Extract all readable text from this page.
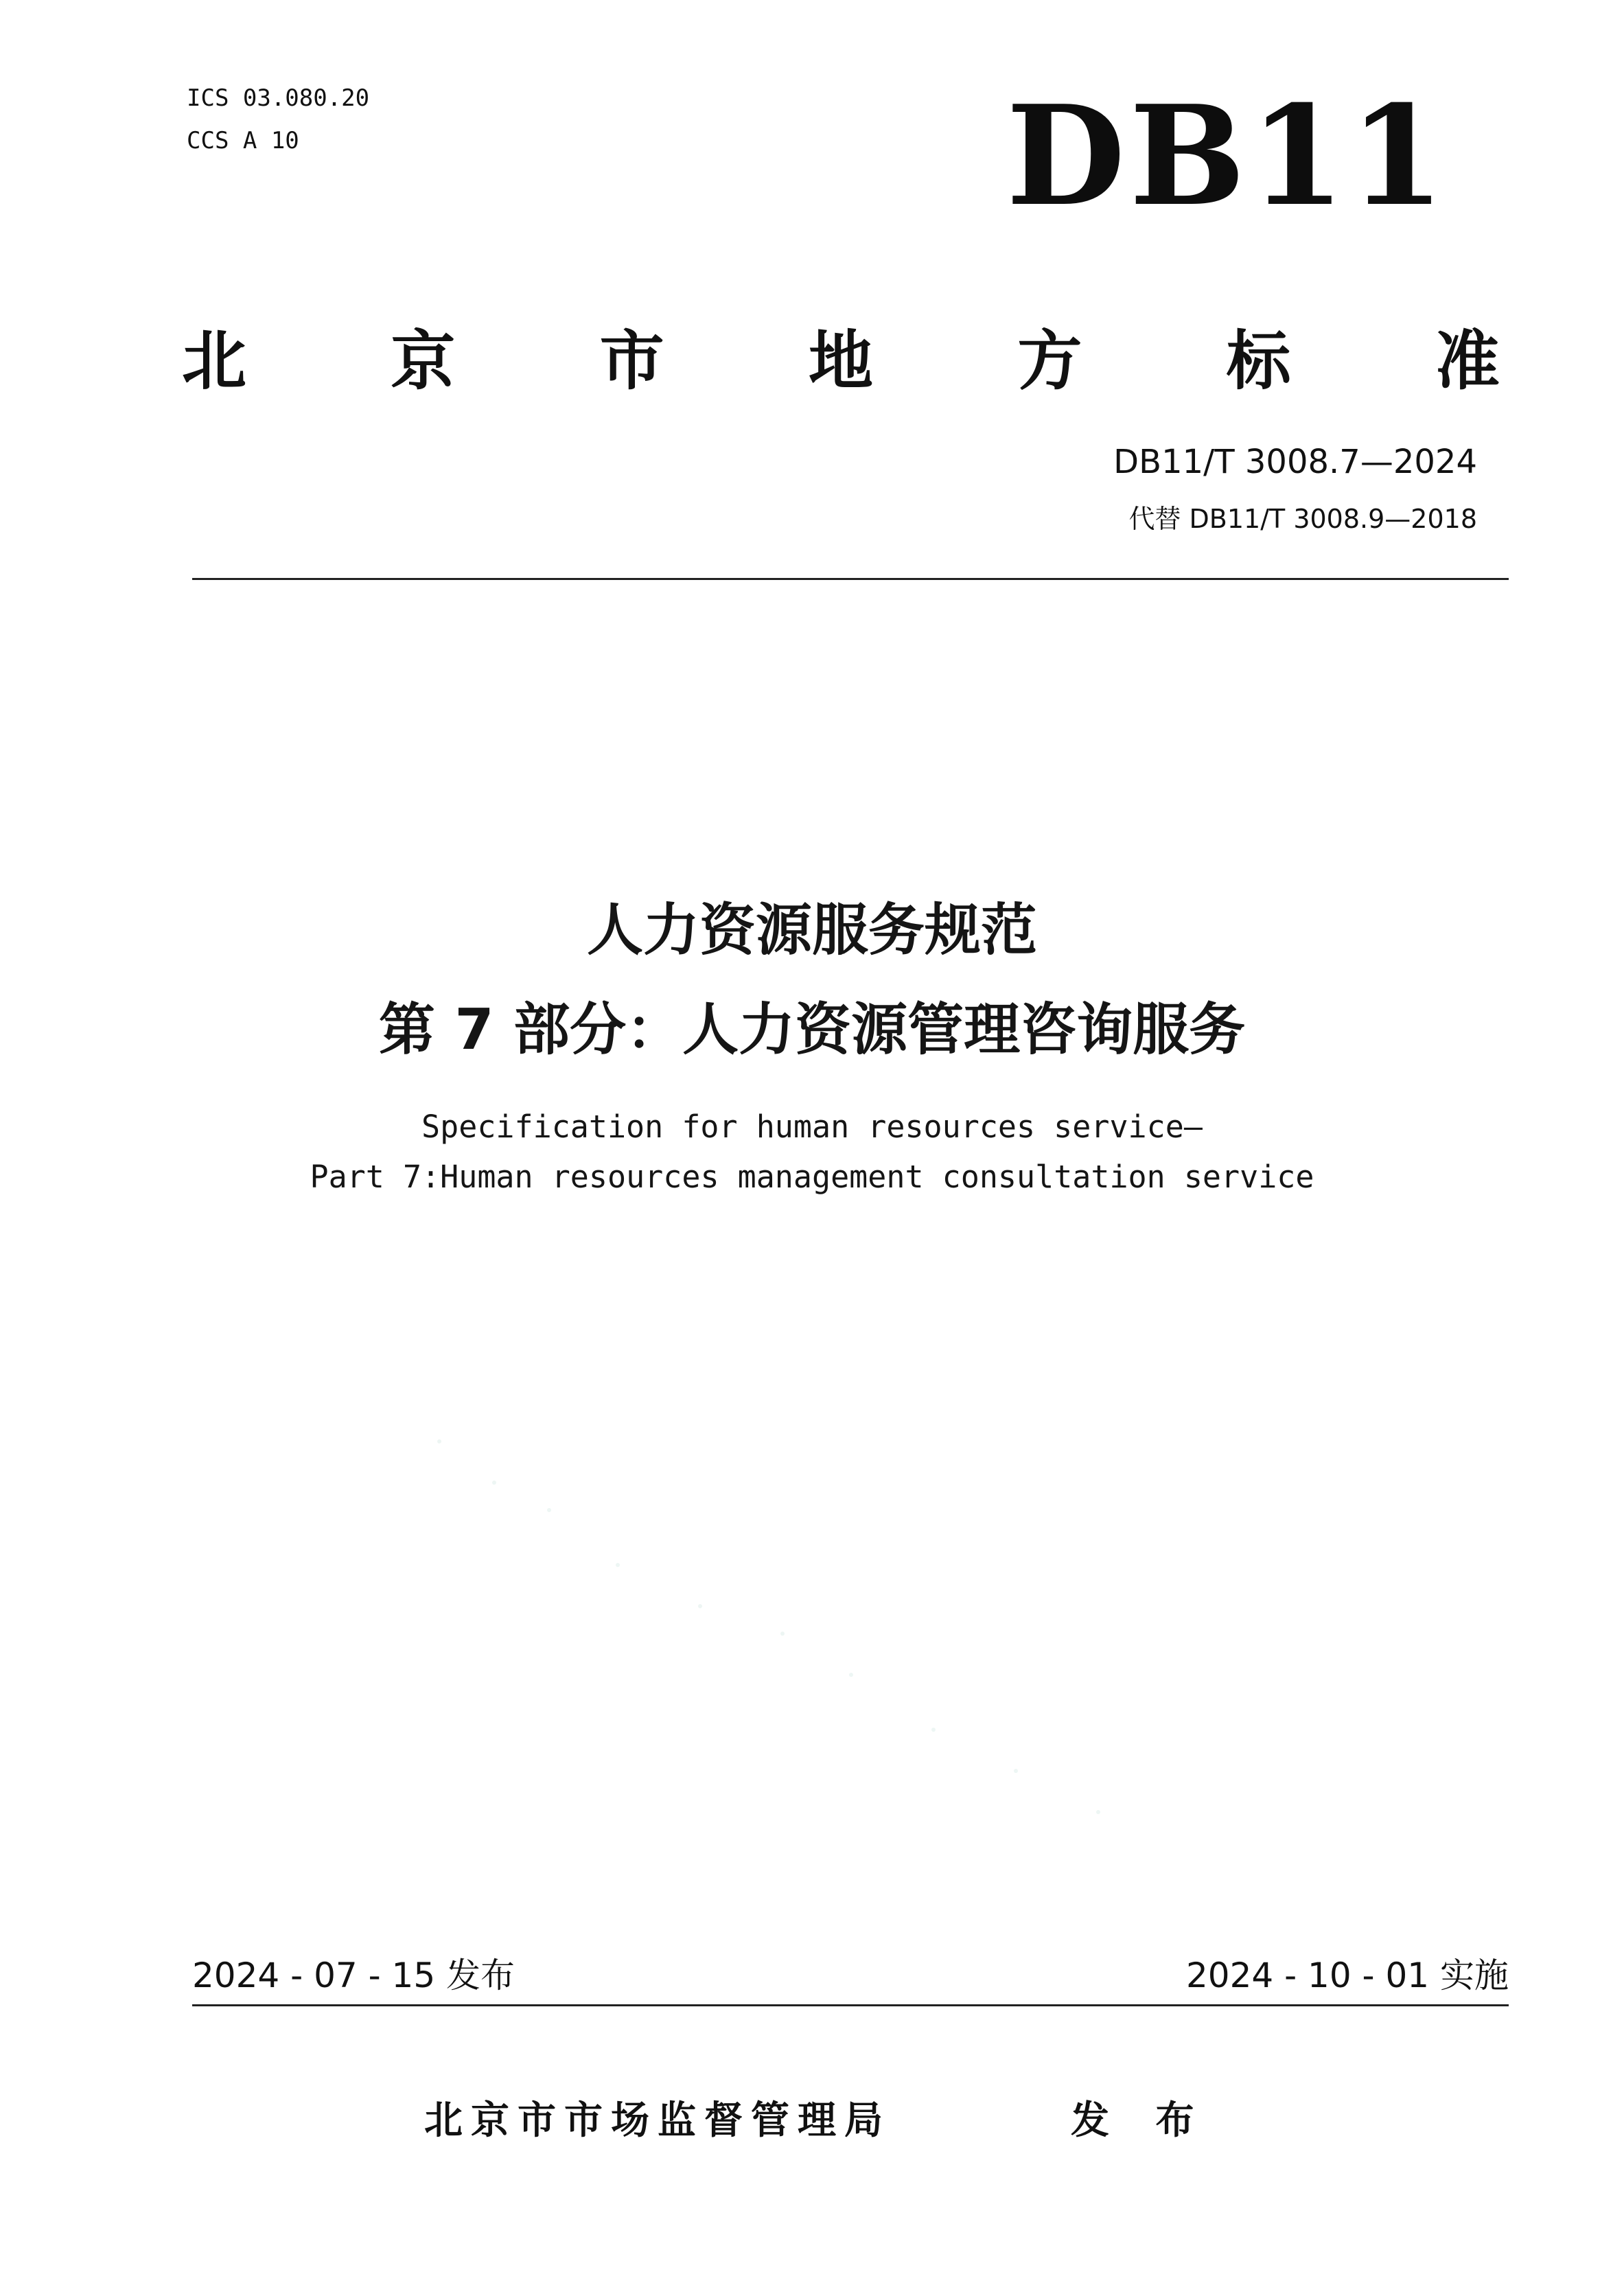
ICS 03.080.20
CCS A 10	DB11
北 京 市 地 方 标 准
DB11/T 3008.7—2024
代替 DB11/T 3008.9—2018
人力资源服务规范
第 7 部分：人力资源管理咨询服务
Specification for human resources service—
Part 7:Human resources management consultation service
2024 - 07 - 15 发布	2024 - 10 - 01 实施
北京市市场监督管理局	发 布
